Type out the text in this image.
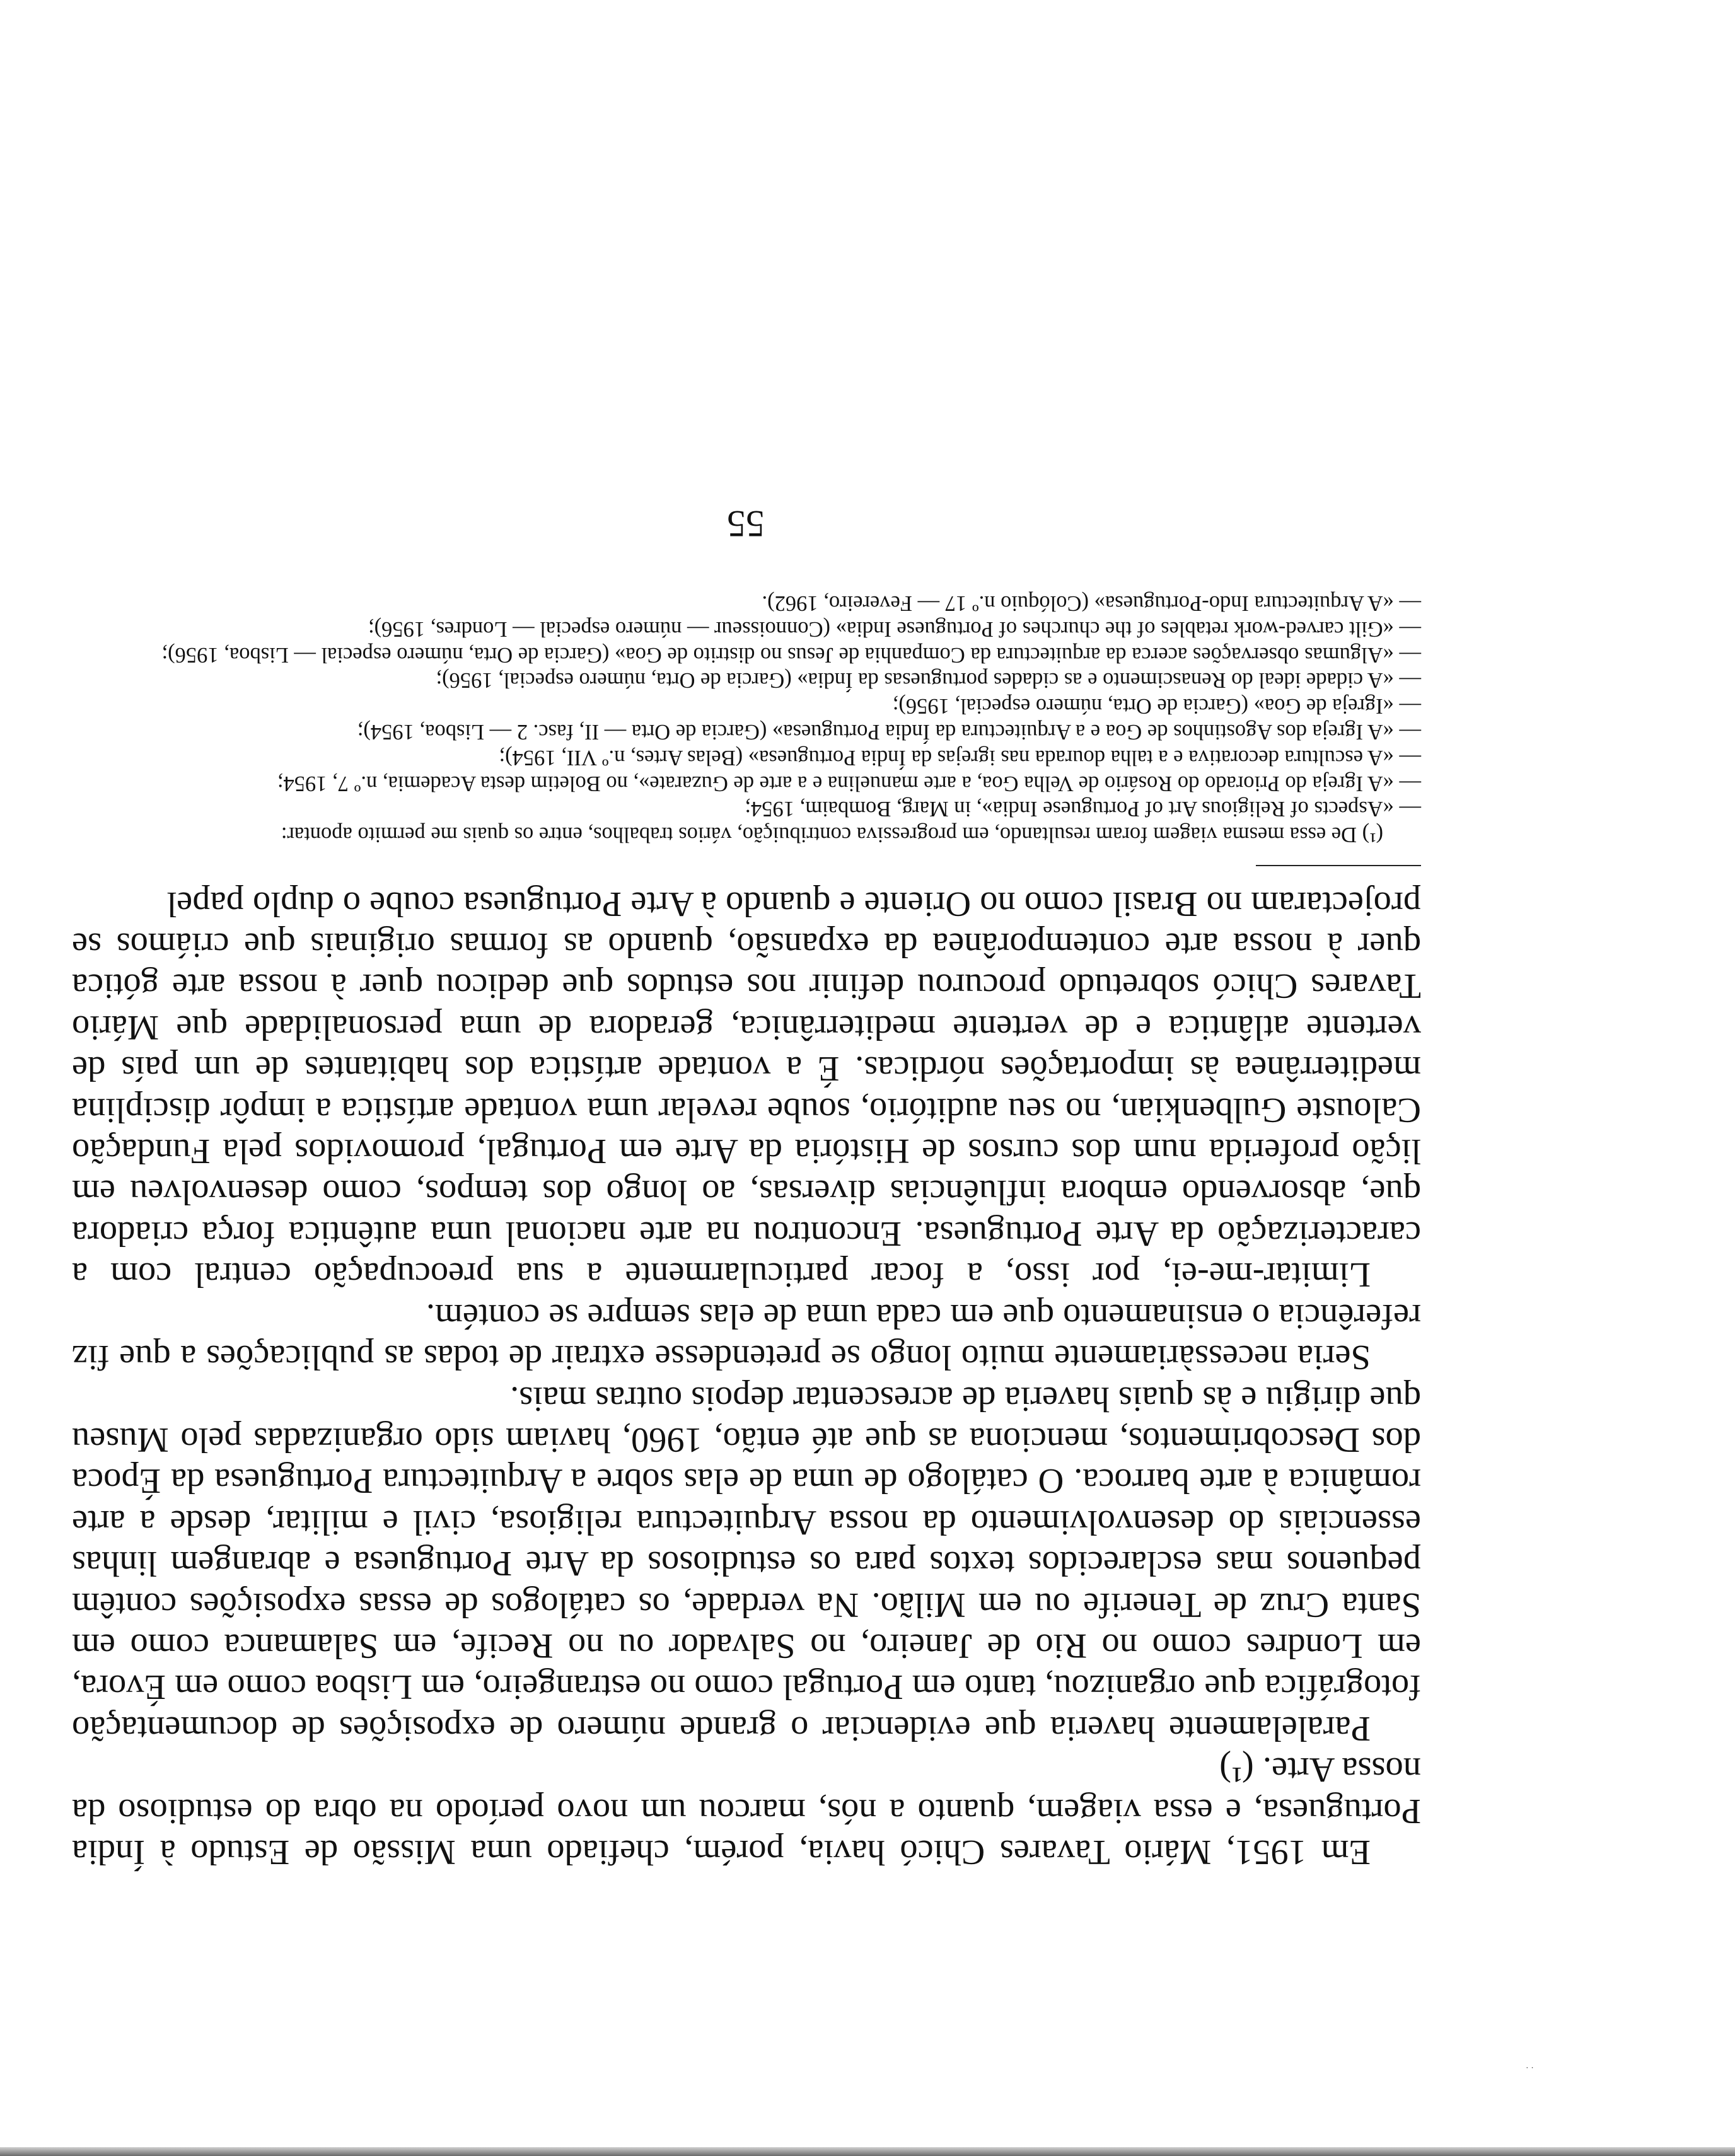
· ·

Em 1951, Mário Tavares Chicó havia, porém, chefiado uma Missão de Estudo à Índia Portuguesa, e essa viagem, quanto a nós, marcou um novo período na obra do estudioso da nossa Arte. (¹)

Paralelamente haveria que evidenciar o grande número de exposições de documentação fotográfica que organizou, tanto em Portugal como no estrangeiro, em Lisboa como em Évora, em Londres como no Rio de Janeiro, no Salvador ou no Recife, em Salamanca como em Santa Cruz de Tenerife ou em Milão. Na verdade, os catálogos de essas exposições contêm pequenos mas esclarecidos textos para os estudiosos da Arte Portuguesa e abrangem linhas essenciais do desenvolvimento da nossa Arquitectura religiosa, civil e militar, desde a arte românica à arte barroca. O catálogo de uma de elas sobre a Arquitectura Portuguesa da Época dos Descobrimentos, menciona as que até então, 1960, haviam sido organizadas pelo Museu que dirigiu e às quais haveria de acrescentar depois outras mais.

Seria necessàriamente muito longo se pretendesse extrair de todas as publicações a que fiz referência o ensinamento que em cada uma de elas sempre se contém.

Limitar-me-ei, por isso, a focar particularmente a sua preocupação central com a caracterização da Arte Portuguesa. Encontrou na arte nacional uma autêntica força criadora que, absorvendo embora influências diversas, ao longo dos tempos, como desenvolveu em lição proferida num dos cursos de História da Arte em Portugal, promovidos pela Fundação Calouste Gulbenkian, no seu auditório, soube revelar uma vontade artística a impôr disciplina mediterrânea às importações nórdicas. É a vontade artística dos habitantes de um país de vertente atlântica e de vertente mediterrânica, geradora de uma personalidade que Mário Tavares Chicó sobretudo procurou definir nos estudos que dedicou quer à nossa arte gótica quer à nossa arte contemporânea da expansão, quando as formas originais que criámos se projectaram no Brasil como no Oriente e quando à Arte Portuguesa coube o duplo papel

(¹) De essa mesma viagem foram resultando, em progressiva contribuição, vários trabalhos, entre os quais me permito apontar:

— «Aspects of Religious Art of Portuguese India», in Marg, Bombaim, 1954;

— «A Igreja do Priorado do Rosário de Velha Goa, a arte manuelina e a arte de Guzarate», no Boletim desta Academia, n.º 7, 1954;

— «A escultura decorativa e a talha dourada nas igrejas da Índia Portuguesa» (Belas Artes, n.º VII, 1954);

— «A Igreja dos Agostinhos de Goa e a Arquitectura da Índia Portuguesa» (Garcia de Orta — II, fasc. 2 — Lisboa, 1954);

— «Igreja de Goa» (Garcia de Orta, número especial, 1956);

— «A cidade ideal do Renascimento e as cidades portuguesas da Índia» (Garcia de Orta, número especial, 1956);

— «Algumas observações acerca da arquitectura da Companhia de Jesus no distrito de Goa» (Garcia de Orta, número especial — Lisboa, 1956);

— «Gilt carved-work retables of the churches of Portuguese India» (Connoisseur — número especial — Londres, 1956);

— «A Arquitectura Indo-Portuguesa» (Colóquio n.º 17 — Fevereiro, 1962).

55
